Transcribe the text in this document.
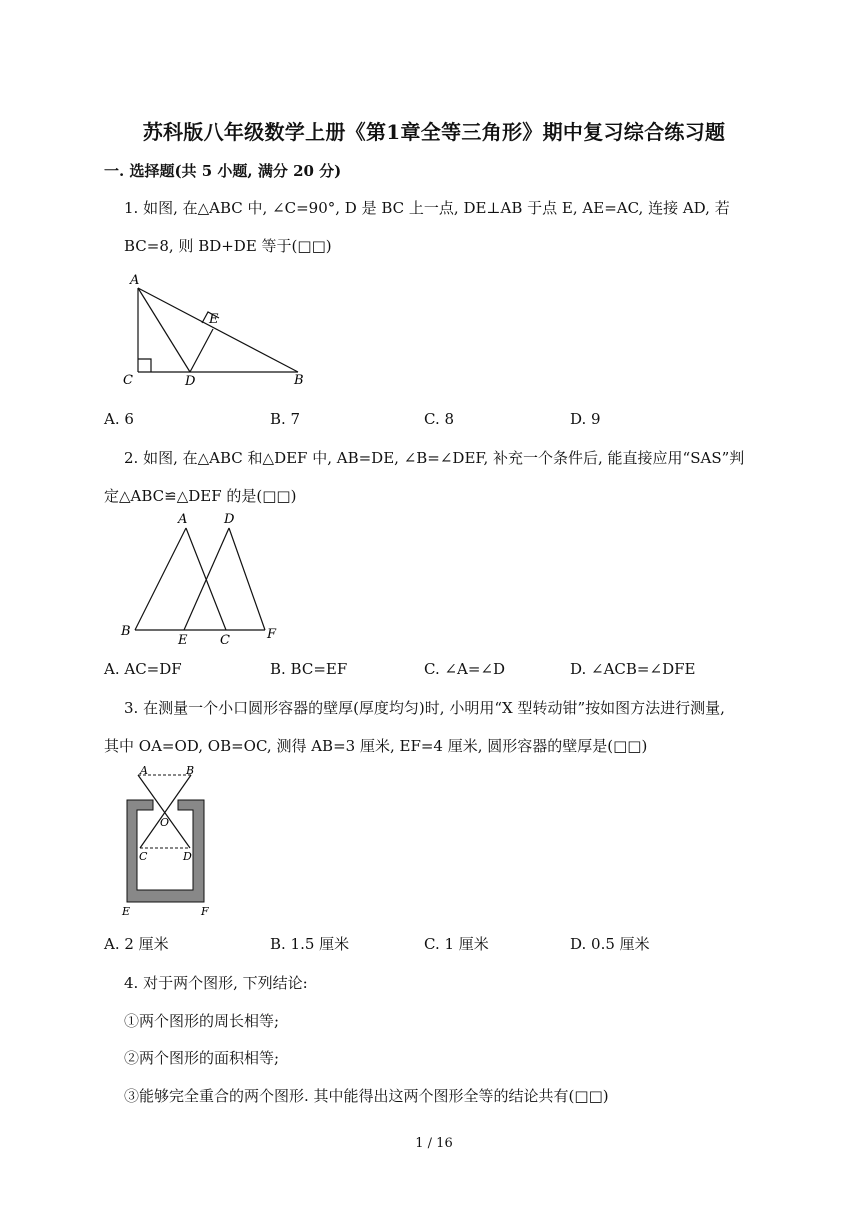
苏科版八年级数学上册《第1章全等三角形》期中复习综合练习题
一. 选择题(共 5 小题, 满分 20 分)
1. 如图, 在△ABC 中, ∠C=90°, D 是 BC 上一点, DE⊥AB 于点 E, AE=AC, 连接 AD, 若
BC=8, 则 BD+DE 等于(□□)
A
E
C	D	B
A. 6	B. 7	C. 8	D. 9
2. 如图, 在△ABC 和△DEF 中, AB=DE, ∠B=∠DEF, 补充一个条件后, 能直接应用“SAS”判
定△ABC≌△DEF 的是(□□)
A	D
B
E	C	F
A. AC=DF	B. BC=EF	C. ∠A=∠D	D. ∠ACB=∠DFE
3. 在测量一个小口圆形容器的壁厚(厚度均匀)时, 小明用“X 型转动钳”按如图方法进行测量,
其中 OA=OD, OB=OC, 测得 AB=3 厘米, EF=4 厘米, 圆形容器的壁厚是(□□)
A	B
O
C	D
E	F
A. 2 厘米	B. 1.5 厘米	C. 1 厘米	D. 0.5 厘米
4. 对于两个图形, 下列结论:
①两个图形的周长相等;
②两个图形的面积相等;
③能够完全重合的两个图形. 其中能得出这两个图形全等的结论共有(□□)
1 / 16
